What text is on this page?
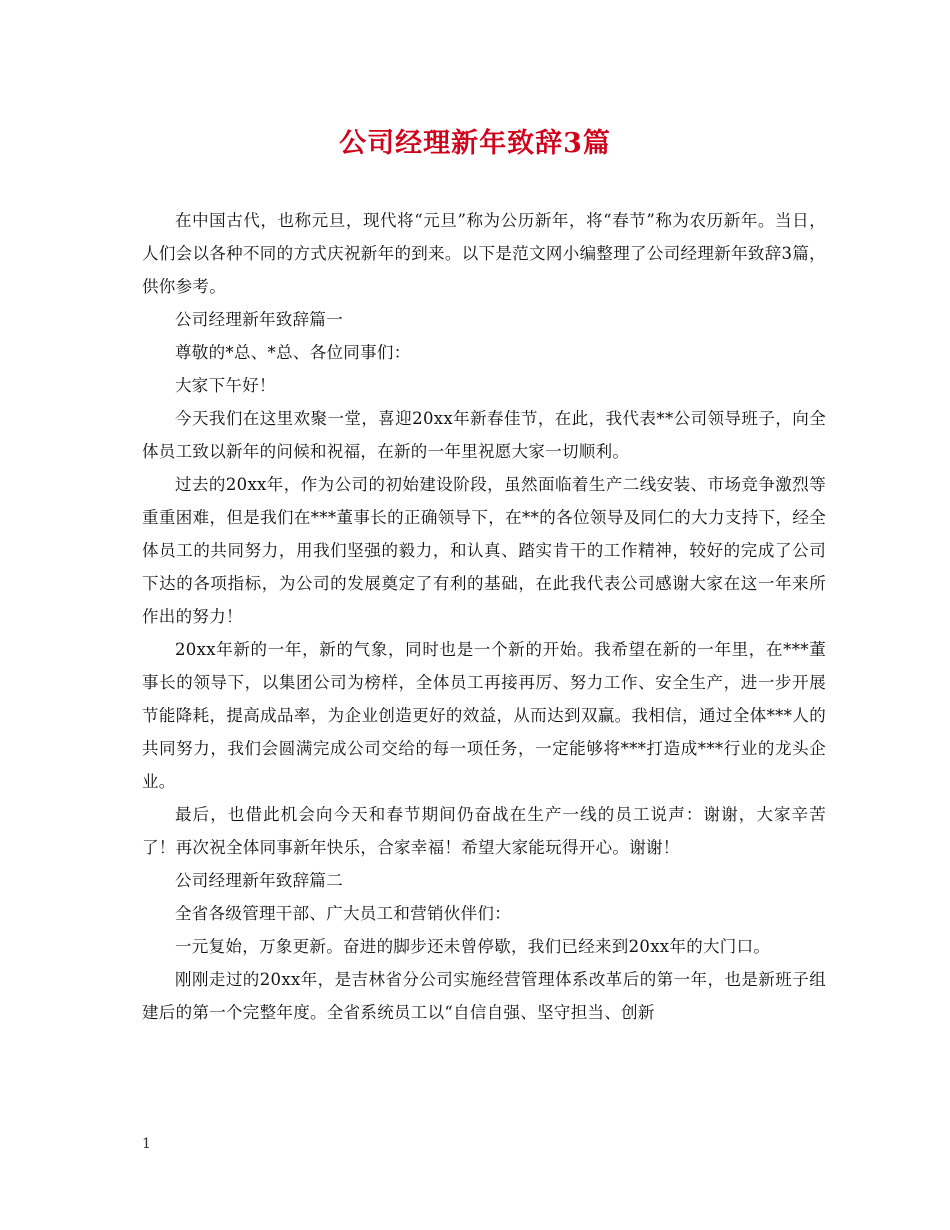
公司经理新年致辞3篇

在中国古代，也称元旦，现代将“元旦”称为公历新年，将“春节”称为农历新年。当日，人们会以各种不同的方式庆祝新年的到来。以下是范文网小编整理了公司经理新年致辞3篇，供你参考。

公司经理新年致辞篇一

尊敬的*总、*总、各位同事们：

大家下午好！

今天我们在这里欢聚一堂，喜迎20xx年新春佳节，在此，我代表**公司领导班子，向全体员工致以新年的问候和祝福，在新的一年里祝愿大家一切顺利。

过去的20xx年，作为公司的初始建设阶段，虽然面临着生产二线安装、市场竞争激烈等重重困难，但是我们在***董事长的正确领导下，在**的各位领导及同仁的大力支持下，经全体员工的共同努力，用我们坚强的毅力，和认真、踏实肯干的工作精神，较好的完成了公司下达的各项指标，为公司的发展奠定了有利的基础，在此我代表公司感谢大家在这一年来所作出的努力！

20xx年新的一年，新的气象，同时也是一个新的开始。我希望在新的一年里，在***董事长的领导下，以集团公司为榜样，全体员工再接再厉、努力工作、安全生产，进一步开展节能降耗，提高成品率，为企业创造更好的效益，从而达到双赢。我相信，通过全体***人的共同努力，我们会圆满完成公司交给的每一项任务，一定能够将***打造成***行业的龙头企业。

最后，也借此机会向今天和春节期间仍奋战在生产一线的员工说声：谢谢，大家辛苦了！再次祝全体同事新年快乐，合家幸福！希望大家能玩得开心。谢谢！

公司经理新年致辞篇二

全省各级管理干部、广大员工和营销伙伴们：

一元复始，万象更新。奋进的脚步还未曾停歇，我们已经来到20xx年的大门口。

刚刚走过的20xx年，是吉林省分公司实施经营管理体系改革后的第一年，也是新班子组建后的第一个完整年度。全省系统员工以“自信自强、坚守担当、创新

1
